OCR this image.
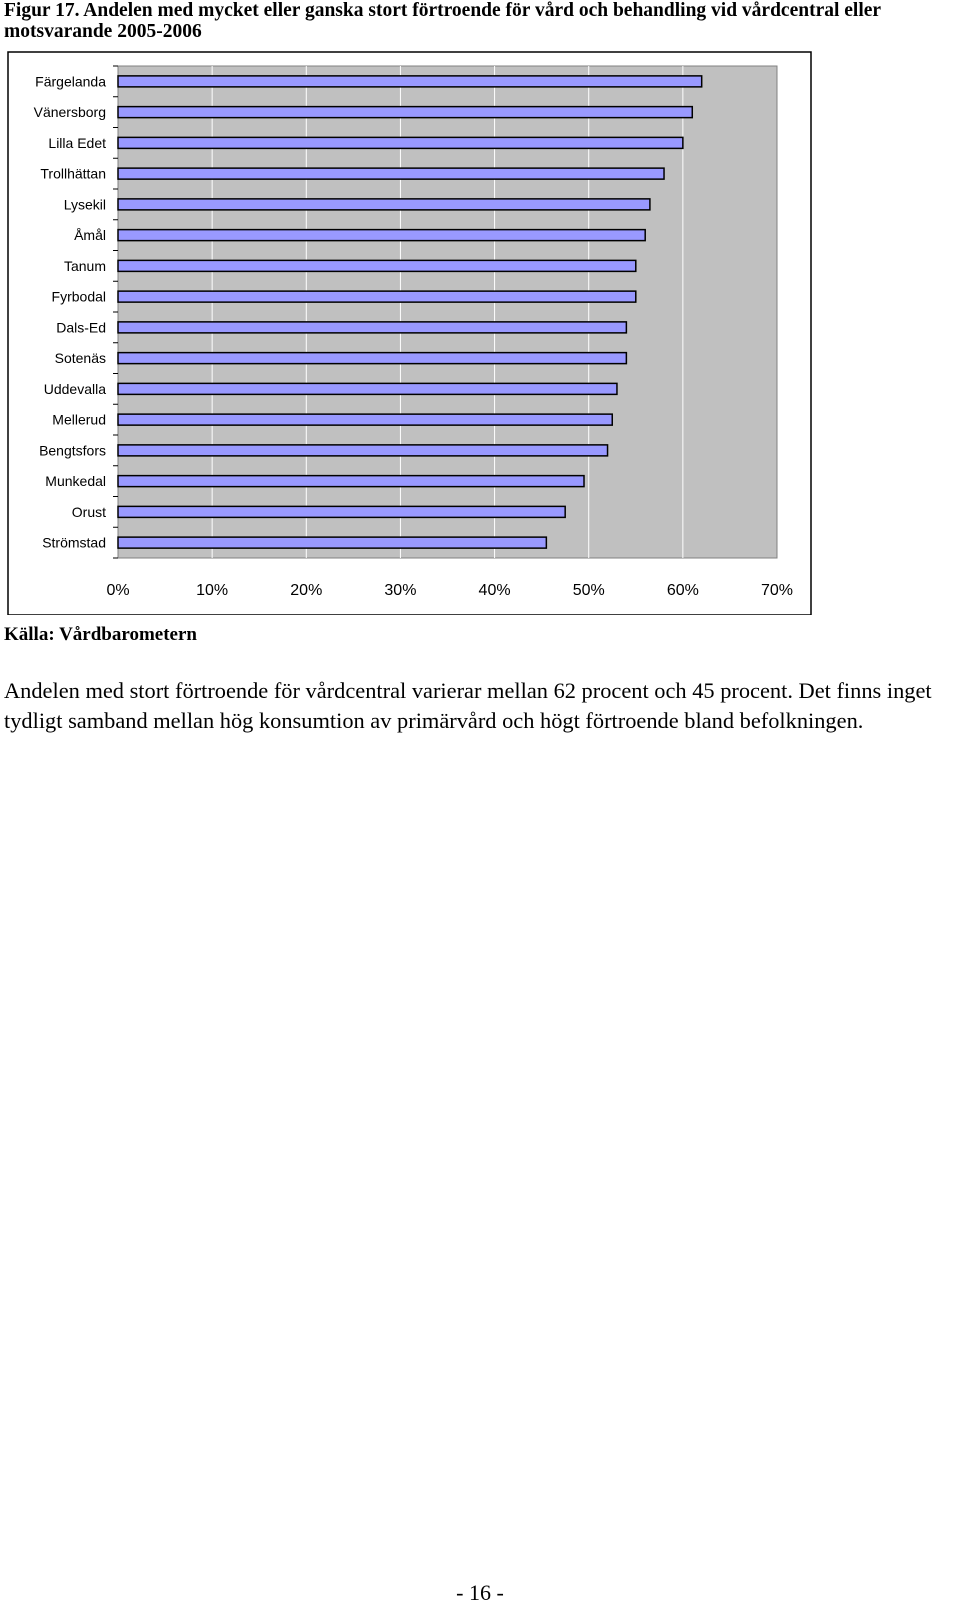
Figur 17. Andelen med mycket eller ganska stort förtroende för vård och behandling vid vårdcentral eller motsvarande 2005-2006
Färgelanda
Vänersborg
Lilla Edet
Trollhättan
Lysekil
Åmål
Tanum
Fyrbodal
Dals-Ed
Sotenäs
Uddevalla
Mellerud
Bengtsfors
Munkedal
Orust
Strömstad
0%	10%	20%	30%	40%	50%	60%	70%
Källa: Vårdbarometern

Andelen med stort förtroende för vårdcentral varierar mellan 62 procent och 45 procent. Det finns inget tydligt samband mellan hög konsumtion av primärvård och högt förtroende bland befolkningen.

- 16 -
